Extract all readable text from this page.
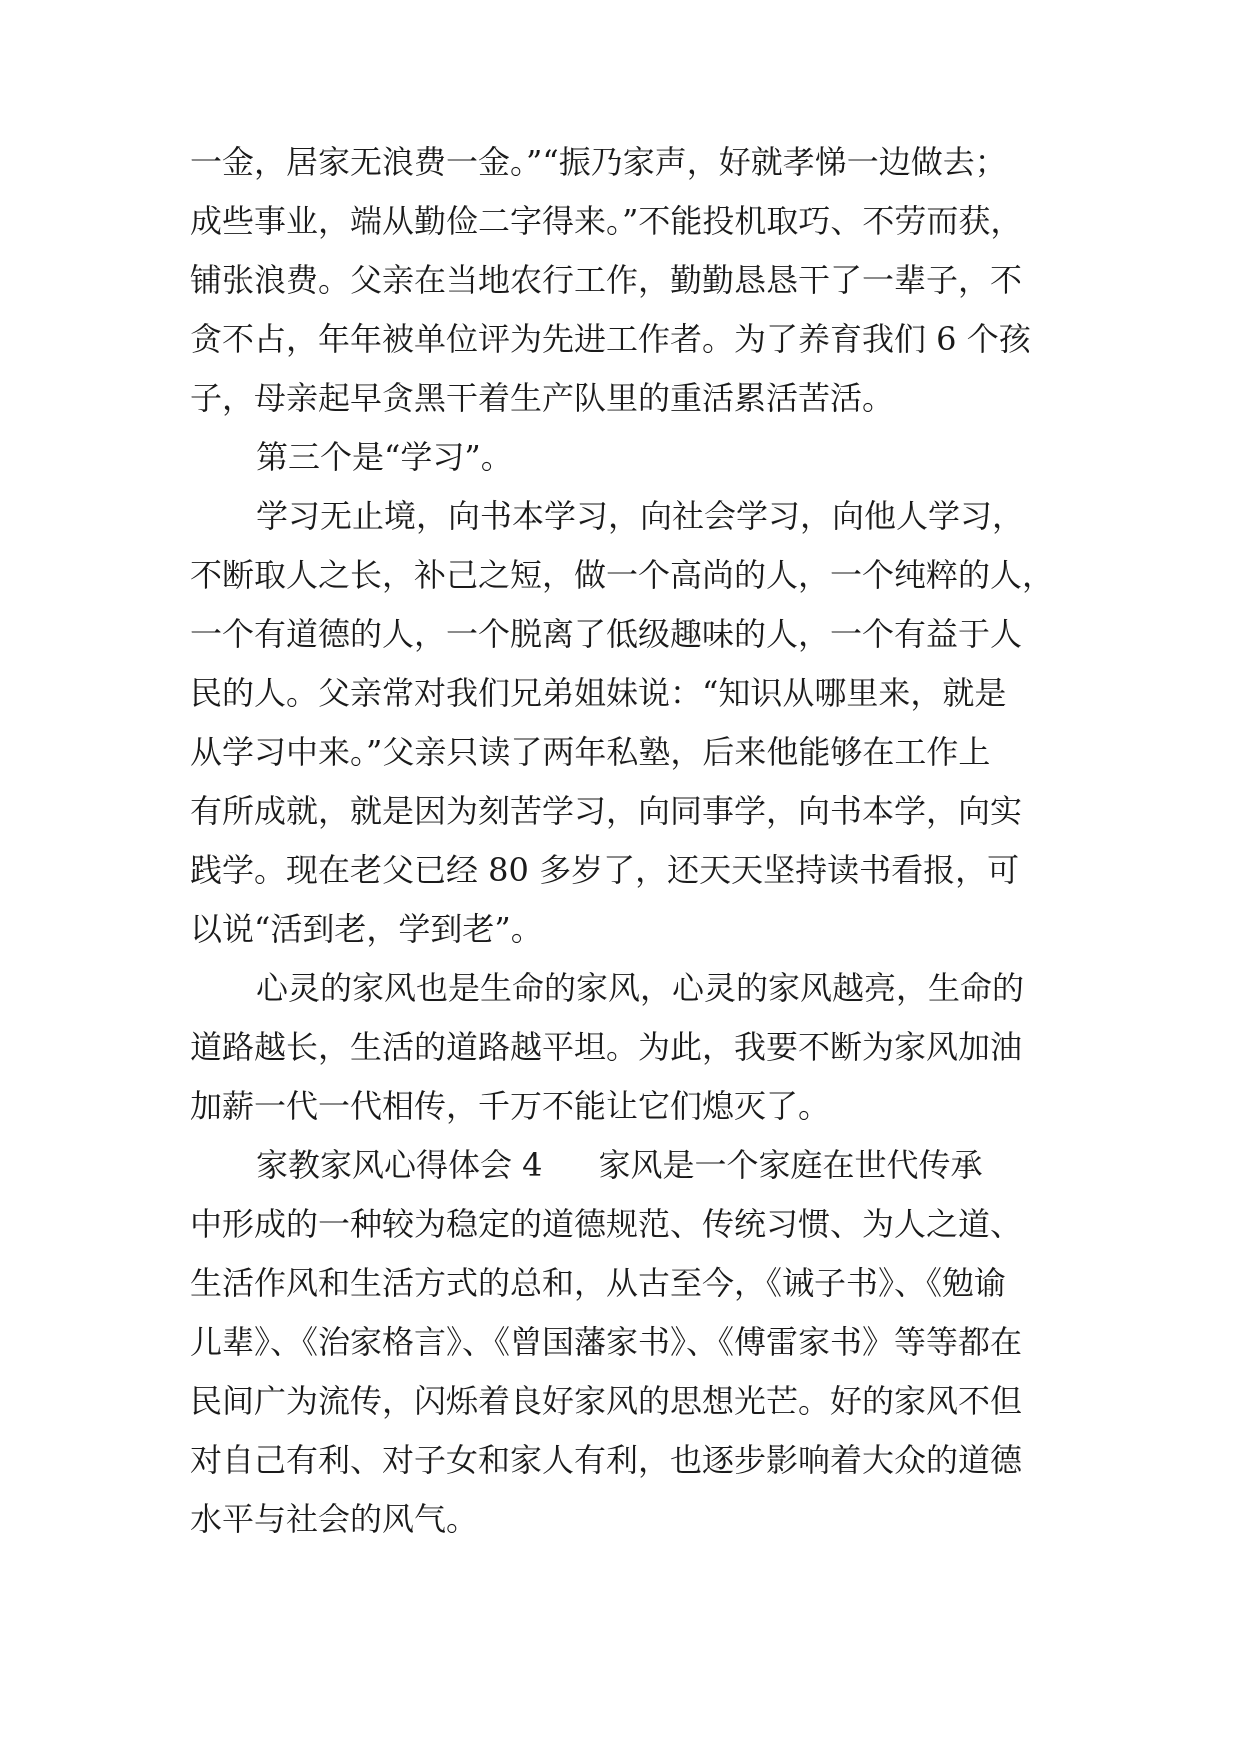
一金，居家无浪费一金。”“振乃家声，好就孝悌一边做去；
成些事业，端从勤俭二字得来。”不能投机取巧、不劳而获，
铺张浪费。父亲在当地农行工作，勤勤恳恳干了一辈子，不
贪不占，年年被单位评为先进工作者。为了养育我们 6 个孩
子，母亲起早贪黑干着生产队里的重活累活苦活。
第三个是“学习”。
学习无止境，向书本学习，向社会学习，向他人学习，
不断取人之长，补己之短，做一个高尚的人，一个纯粹的人，
一个有道德的人，一个脱离了低级趣味的人，一个有益于人
民的人。父亲常对我们兄弟姐妹说：“知识从哪里来，就是
从学习中来。”父亲只读了两年私塾，后来他能够在工作上
有所成就，就是因为刻苦学习，向同事学，向书本学，向实
践学。现在老父已经 80 多岁了，还天天坚持读书看报，可
以说“活到老，学到老”。
心灵的家风也是生命的家风，心灵的家风越亮，生命的
道路越长，生活的道路越平坦。为此，我要不断为家风加油
加薪一代一代相传，千万不能让它们熄灭了。
家教家风心得体会 4 家风是一个家庭在世代传承
中形成的一种较为稳定的道德规范、传统习惯、为人之道、
生活作风和生活方式的总和，从古至今，《诫子书》、《勉谕
儿辈》、《治家格言》、《曾国藩家书》、《傅雷家书》等等都在
民间广为流传，闪烁着良好家风的思想光芒。好的家风不但
对自己有利、对子女和家人有利，也逐步影响着大众的道德
水平与社会的风气。
